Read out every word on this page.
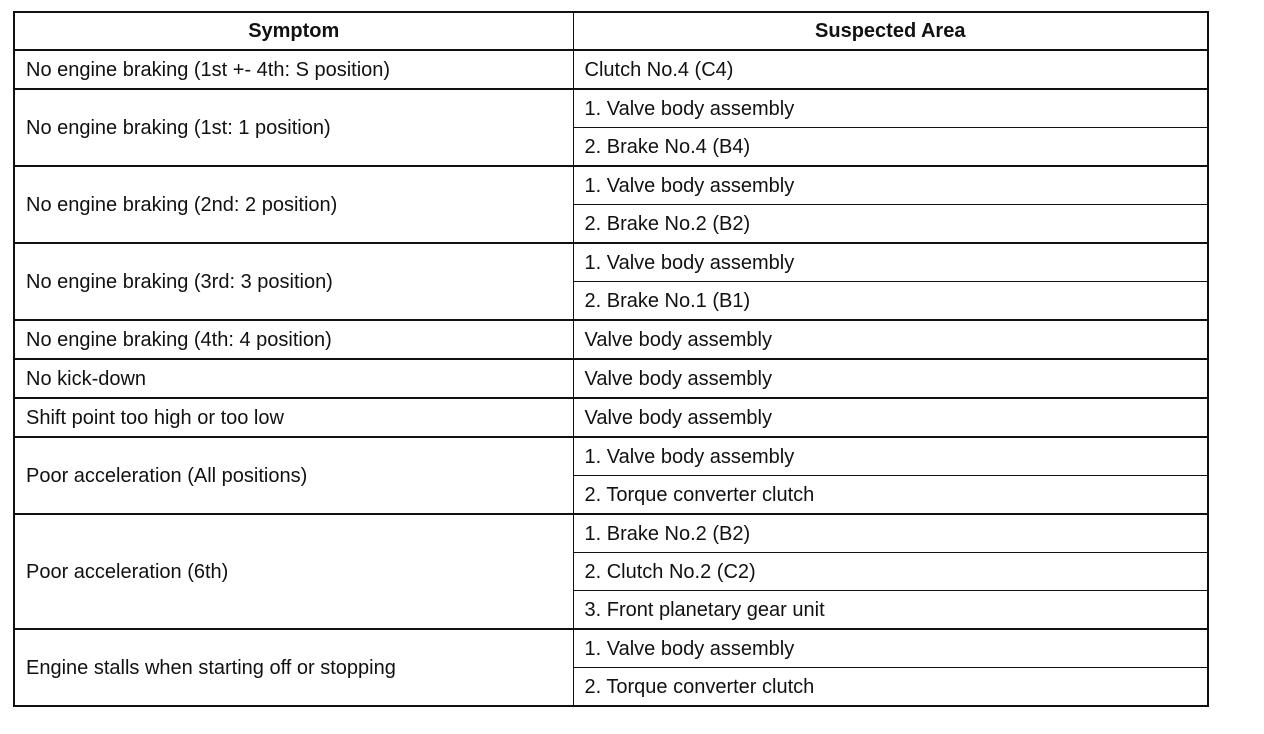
Symptom	Suspected Area
No engine braking (1st +- 4th: S position)	Clutch No.4 (C4)
No engine braking (1st: 1 position)	1. Valve body assembly
	2. Brake No.4 (B4)
No engine braking (2nd: 2 position)	1. Valve body assembly
	2. Brake No.2 (B2)
No engine braking (3rd: 3 position)	1. Valve body assembly
	2. Brake No.1 (B1)
No engine braking (4th: 4 position)	Valve body assembly
No kick-down	Valve body assembly
Shift point too high or too low	Valve body assembly
Poor acceleration (All positions)	1. Valve body assembly
	2. Torque converter clutch
Poor acceleration (6th)	1. Brake No.2 (B2)
	2. Clutch No.2 (C2)
	3. Front planetary gear unit
Engine stalls when starting off or stopping	1. Valve body assembly
	2. Torque converter clutch
